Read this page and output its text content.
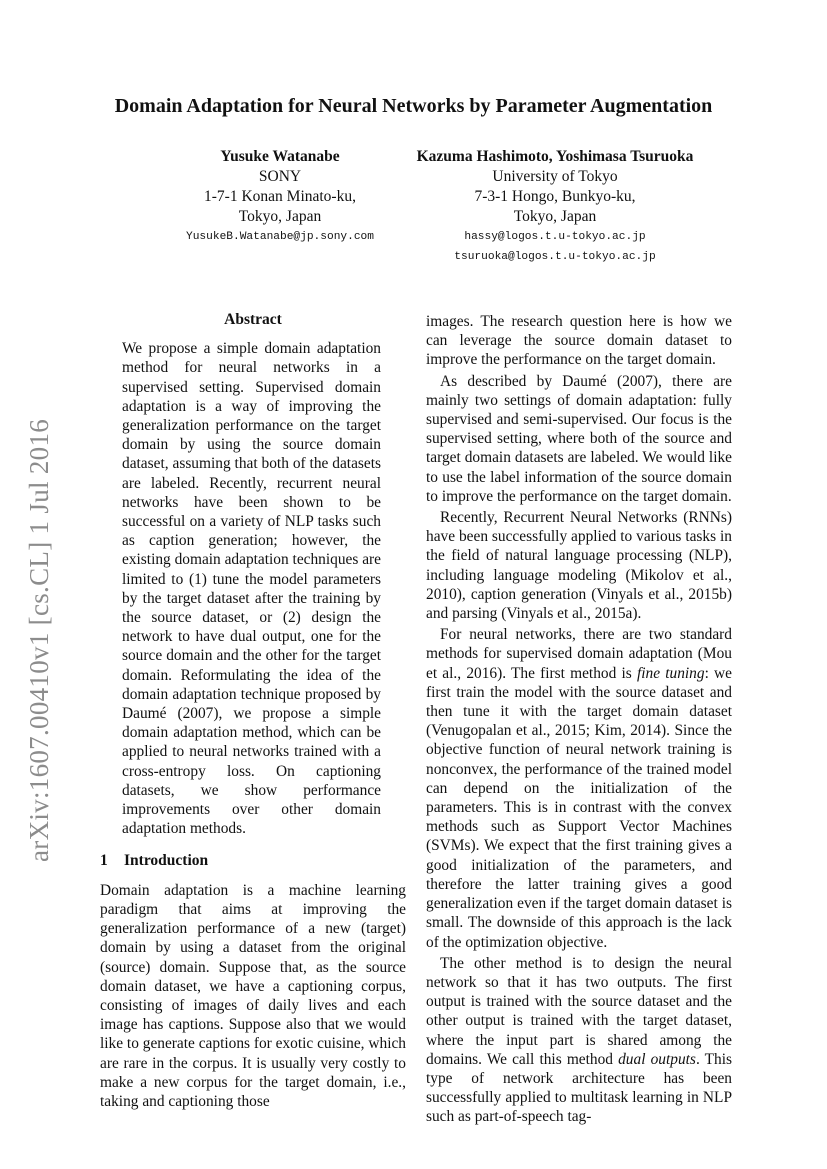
Domain Adaptation for Neural Networks by Parameter Augmentation
Yusuke Watanabe
SONY
1-7-1 Konan Minato-ku,
Tokyo, Japan
YusukeB.Watanabe@jp.sony.com
Kazuma Hashimoto, Yoshimasa Tsuruoka
University of Tokyo
7-3-1 Hongo, Bunkyo-ku,
Tokyo, Japan
hassy@logos.t.u-tokyo.ac.jp
tsuruoka@logos.t.u-tokyo.ac.jp
arXiv:1607.00410v1 [cs.CL] 1 Jul 2016
Abstract

We propose a simple domain adaptation method for neural networks in a supervised setting. Supervised domain adaptation is a way of improving the generalization performance on the target domain by using the source domain dataset, assuming that both of the datasets are labeled. Recently, recurrent neural networks have been shown to be successful on a variety of NLP tasks such as caption generation; however, the existing domain adaptation techniques are limited to (1) tune the model parameters by the target dataset after the training by the source dataset, or (2) design the network to have dual output, one for the source domain and the other for the target domain. Reformulating the idea of the domain adaptation technique proposed by Daumé (2007), we propose a simple domain adaptation method, which can be applied to neural networks trained with a cross-entropy loss. On captioning datasets, we show performance improvements over other domain adaptation methods.

1 Introduction

Domain adaptation is a machine learning paradigm that aims at improving the generalization performance of a new (target) domain by using a dataset from the original (source) domain. Suppose that, as the source domain dataset, we have a captioning corpus, consisting of images of daily lives and each image has captions. Suppose also that we would like to generate captions for exotic cuisine, which are rare in the corpus. It is usually very costly to make a new corpus for the target domain, i.e., taking and captioning those

images. The research question here is how we can leverage the source domain dataset to improve the performance on the target domain.

As described by Daumé (2007), there are mainly two settings of domain adaptation: fully supervised and semi-supervised. Our focus is the supervised setting, where both of the source and target domain datasets are labeled. We would like to use the label information of the source domain to improve the performance on the target domain.

Recently, Recurrent Neural Networks (RNNs) have been successfully applied to various tasks in the field of natural language processing (NLP), including language modeling (Mikolov et al., 2010), caption generation (Vinyals et al., 2015b) and parsing (Vinyals et al., 2015a).

For neural networks, there are two standard methods for supervised domain adaptation (Mou et al., 2016). The first method is fine tuning: we first train the model with the source dataset and then tune it with the target domain dataset (Venugopalan et al., 2015; Kim, 2014). Since the objective function of neural network training is nonconvex, the performance of the trained model can depend on the initialization of the parameters. This is in contrast with the convex methods such as Support Vector Machines (SVMs). We expect that the first training gives a good initialization of the parameters, and therefore the latter training gives a good generalization even if the target domain dataset is small. The downside of this approach is the lack of the optimization objective.

The other method is to design the neural network so that it has two outputs. The first output is trained with the source dataset and the other output is trained with the target dataset, where the input part is shared among the domains. We call this method dual outputs. This type of network architecture has been successfully applied to multitask learning in NLP such as part-of-speech tag-
